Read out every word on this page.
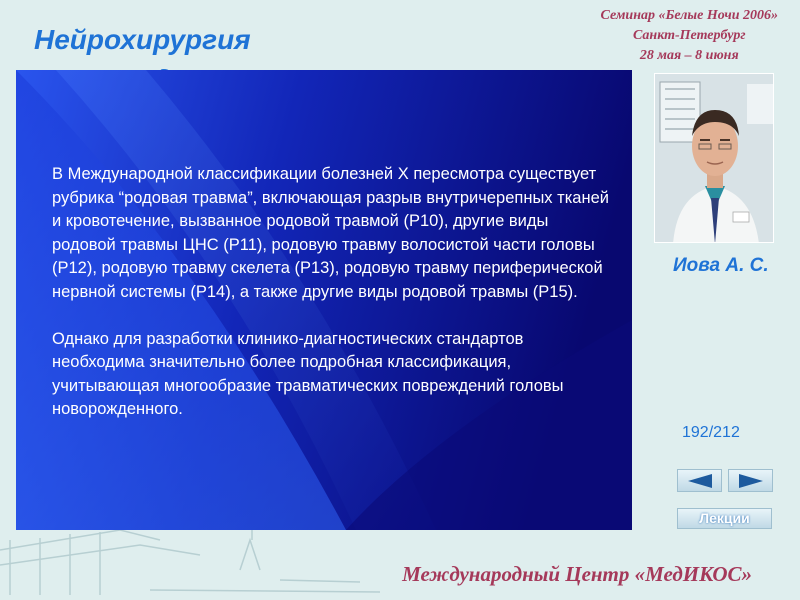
Нейрохирургия
Семинар «Белые Ночи 2006»
Санкт-Петербург
28 мая – 8 июня

В Международной классификации болезней X пересмотра существует рубрика “родовая травма”, включающая разрыв внутричерепных тканей и кровотечение, вызванное родовой травмой (P10), другие виды родовой травмы ЦНС (P11), родовую травму волосистой части головы (P12), родовую травму скелета (P13), родовую травму периферической нервной системы (P14), а также другие виды родовой травмы (P15).

Однако для разработки клинико-диагностических стандартов необходима значительно более подробная классификация, учитывающая многообразие травматических повреждений головы новорожденного.

Иова А. С.
192/212
Лекции
Международный Центр «МедИКОС»
